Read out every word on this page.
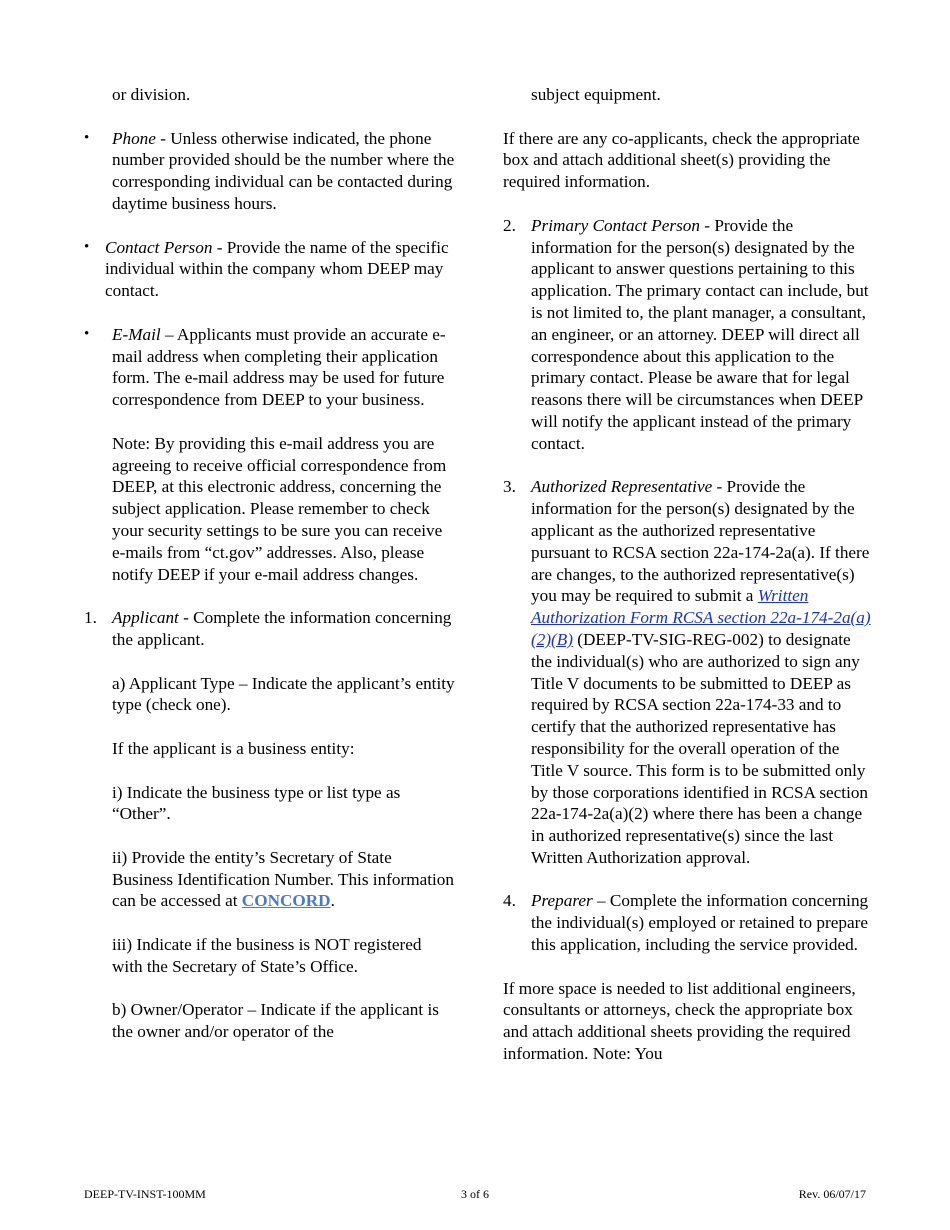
or division.

• Phone - Unless otherwise indicated, the phone number provided should be the number where the corresponding individual can be contacted during daytime business hours.
• Contact Person - Provide the name of the specific individual within the company whom DEEP may contact.
• E-Mail – Applicants must provide an accurate e-mail address when completing their application form. The e-mail address may be used for future correspondence from DEEP to your business.

Note: By providing this e-mail address you are agreeing to receive official correspondence from DEEP, at this electronic address, concerning the subject application. Please remember to check your security settings to be sure you can receive e-mails from “ct.gov” addresses. Also, please notify DEEP if your e-mail address changes.

1. Applicant - Complete the information concerning the applicant.

a) Applicant Type – Indicate the applicant’s entity type (check one).

If the applicant is a business entity:

i) Indicate the business type or list type as “Other”.

ii) Provide the entity’s Secretary of State Business Identification Number. This information can be accessed at CONCORD.

iii) Indicate if the business is NOT registered with the Secretary of State’s Office.

b) Owner/Operator – Indicate if the applicant is the owner and/or operator of the

subject equipment.

If there are any co-applicants, check the appropriate box and attach additional sheet(s) providing the required information.

2. Primary Contact Person - Provide the information for the person(s) designated by the applicant to answer questions pertaining to this application. The primary contact can include, but is not limited to, the plant manager, a consultant, an engineer, or an attorney. DEEP will direct all correspondence about this application to the primary contact. Please be aware that for legal reasons there will be circumstances when DEEP will notify the applicant instead of the primary contact.
3. Authorized Representative - Provide the information for the person(s) designated by the applicant as the authorized representative pursuant to RCSA section 22a-174-2a(a). If there are changes, to the authorized representative(s) you may be required to submit a Written Authorization Form RCSA section 22a-174-2a(a)(2)(B) (DEEP-TV-SIG-REG-002) to designate the individual(s) who are authorized to sign any Title V documents to be submitted to DEEP as required by RCSA section 22a-174-33 and to certify that the authorized representative has responsibility for the overall operation of the Title V source. This form is to be submitted only by those corporations identified in RCSA section 22a-174-2a(a)(2) where there has been a change in authorized representative(s) since the last Written Authorization approval.
4. Preparer – Complete the information concerning the individual(s) employed or retained to prepare this application, including the service provided.

If more space is needed to list additional engineers, consultants or attorneys, check the appropriate box and attach additional sheets providing the required information. Note: You

DEEP-TV-INST-100MM	3 of 6	Rev. 06/07/17
